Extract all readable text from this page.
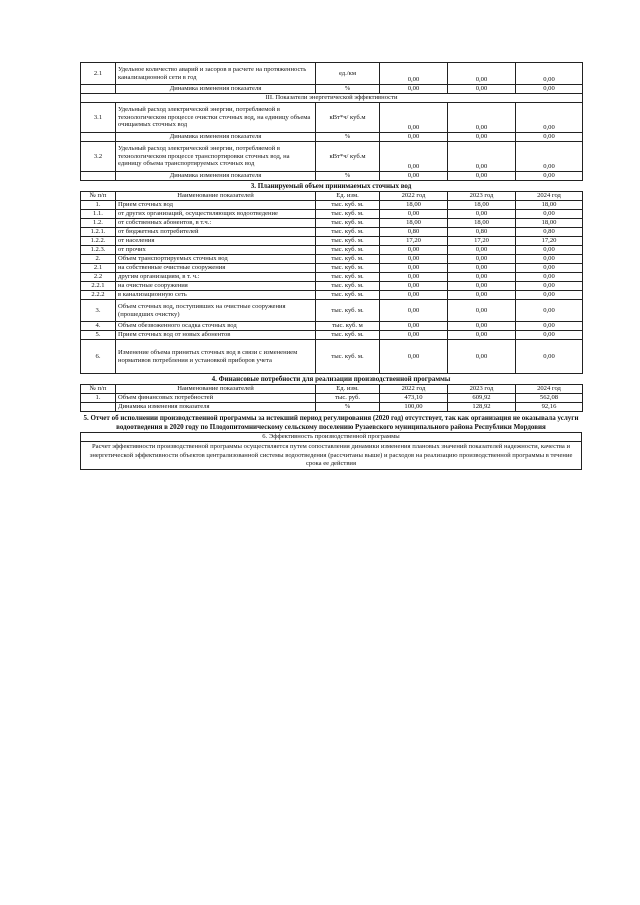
2.1	Удельное количество аварий и засоров в расчете на протяженность канализационной сети в год	ед./км	0,00	0,00	0,00
	Динамика изменения показателя	%	0,00	0,00	0,00
III. Показатели энергетической эффективности					
3.1	Удельный расход электрической энергии, потребляемой в технологическом процессе очистки сточных вод, на единицу объема очищаемых сточных вод	кВт*ч/ куб.м	0,00	0,00	0,00
	Динамика изменения показателя	%	0,00	0,00	0,00
3.2	Удельный расход электрической энергии, потребляемой в технологическом процессе транспортировки сточных вод, на единицу объема транспортируемых сточных вод	кВт*ч/ куб.м	0,00	0,00	0,00
	Динамика изменения показателя	%	0,00	0,00	0,00
3. Планируемый объем принимаемых сточных вод
№ п/п	Наименование показателей	Ед. изм.	2022 год	2023 год	2024 год
1.	Прием сточных вод	тыс. куб. м.	18,00	18,00	18,00
1.1.	от других организаций, осуществляющих водоотведение	тыс. куб. м.	0,00	0,00	0,00
1.2.	от собственных абонентов, в т.ч.:	тыс. куб. м.	18,00	18,00	18,00
1.2.1.	от бюджетных потребителей	тыс. куб. м.	0,80	0,80	0,80
1.2.2.	от населения	тыс. куб. м.	17,20	17,20	17,20
1.2.3.	от прочих	тыс. куб. м.	0,00	0,00	0,00
2.	Объем транспортируемых сточных вод	тыс. куб. м.	0,00	0,00	0,00
2.1	на собственные очистные сооружения	тыс. куб. м.	0,00	0,00	0,00
2.2	другим организациям, в т. ч.:	тыс. куб. м.	0,00	0,00	0,00
2.2.1	на очистные сооружения	тыс. куб. м.	0,00	0,00	0,00
2.2.2	в канализационную сеть	тыс. куб. м.	0,00	0,00	0,00
3.	Объем сточных вод, поступивших на очистные сооружения (прошедших очистку)	тыс. куб. м.	0,00	0,00	0,00
4.	Объем обезвоженного осадка сточных вод	тыс. куб. м	0,00	0,00	0,00
5.	Прием сточных вод от новых абонентов	тыс. куб. м.	0,00	0,00	0,00
6.	Изменение объема принятых сточных вод в связи с изменением нормативов потребления и установкой приборов учета	тыс. куб. м.	0,00	0,00	0,00
4. Финансовые потребности для реализации производственной программы
№ п/п	Наименование показателей	Ед. изм.	2022 год	2023 год	2024 год
1.	Объем финансовых потребностей	тыс. руб.	473,10	609,92	562,08
	Динамика изменения показателя	%	100,00	128,92	92,16
5. Отчет об исполнении производственной программы за истекший период регулирования (2020 год) отсутствует, так как организация не оказывала услуги водоотведения в 2020 году по Плодопитомническому сельскому поселению Рузаевского муниципального района Республики Мордовия
6. Эффективность производственной программы
Расчет эффективности производственной программы осуществляется путем сопоставления динамики изменения плановых значений показателей надежности, качества и энергетической эффективности объектов централизованной системы водоотведения (рассчитаны выше) и расходов на реализацию производственной программы в течение срока ее действия
